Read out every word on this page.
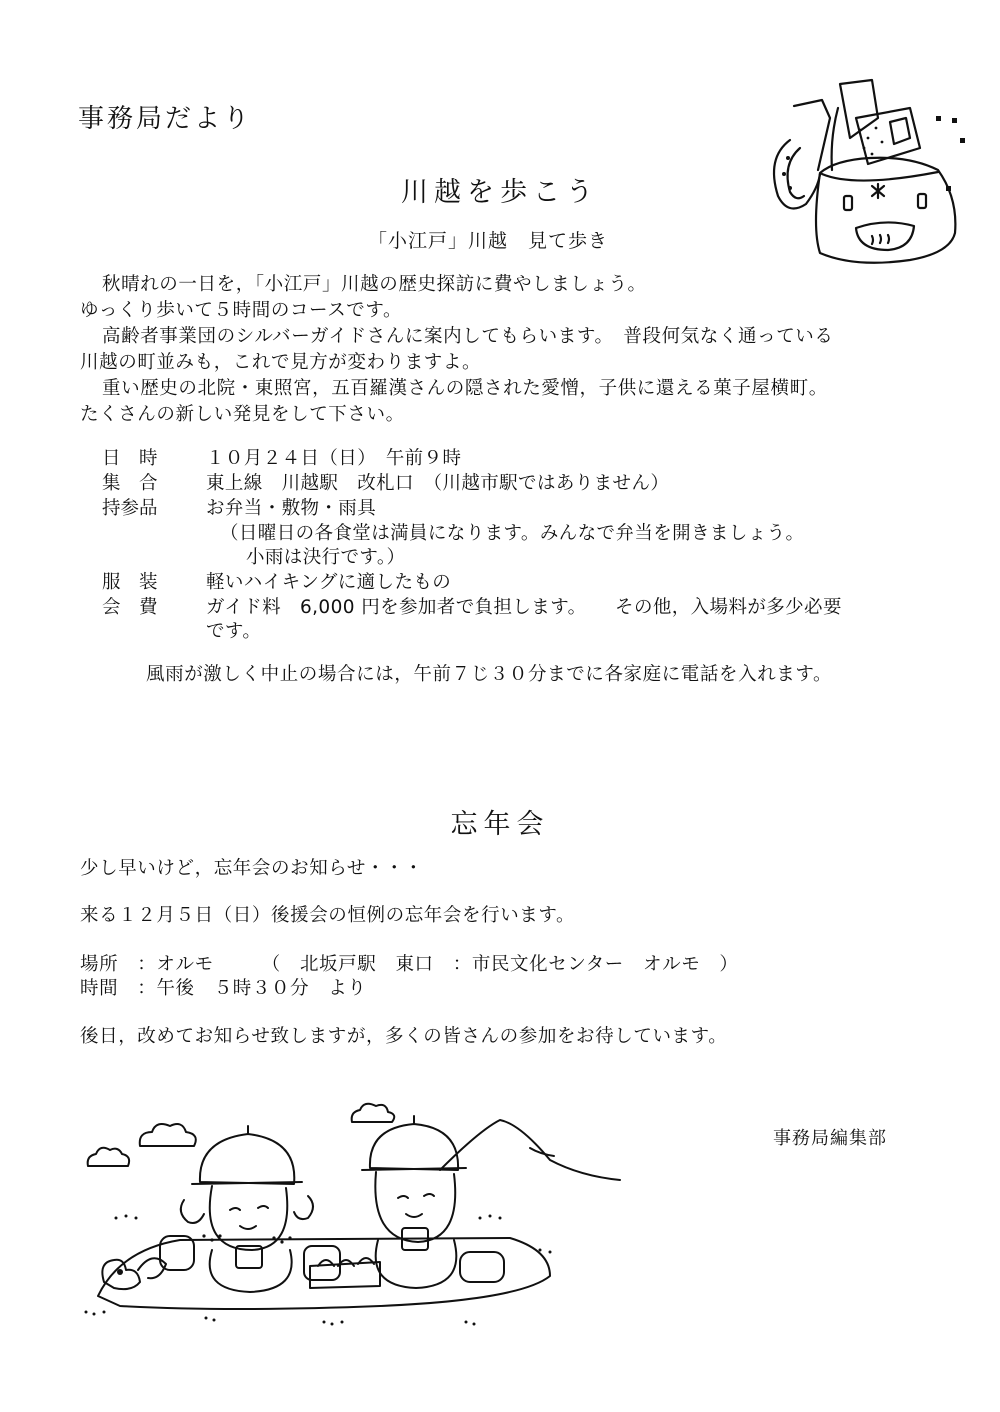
事務局だより
川越を歩こう
「小江戸」川越　見て歩き
秋晴れの一日を，「小江戸」川越の歴史探訪に費やしましょう。
ゆっくり歩いて５時間のコースです。
高齢者事業団のシルバーガイドさんに案内してもらいます。　普段何気なく通っている
川越の町並みも，これで見方が変わりますよ。
重い歴史の北院・東照宮，五百羅漢さんの隠された愛憎，子供に還える菓子屋横町。
たくさんの新しい発見をして下さい。
日　時	１０月２４日（日）　午前９時
集　合	東上線　川越駅　改札口　（川越市駅ではありません）
持参品	お弁当・敷物・雨具
（日曜日の各食堂は満員になります。みんなで弁当を開きましょう。
小雨は決行です。）
服　装	軽いハイキングに適したもの
会　費	ガイド料　6,000 円を参加者で負担します。　　その他，入場料が多少必要
です。
風雨が激しく中止の場合には，午前７じ３０分までに各家庭に電話を入れます。
忘年会
少し早いけど，忘年会のお知らせ・・・
来る１２月５日（日）後援会の恒例の忘年会を行います。
場所　：オルモ　　　（　北坂戸駅　東口　：市民文化センター　オルモ　）
時間　：午後　５時３０分　より
後日，改めてお知らせ致しますが，多くの皆さんの参加をお待しています。
事務局編集部
